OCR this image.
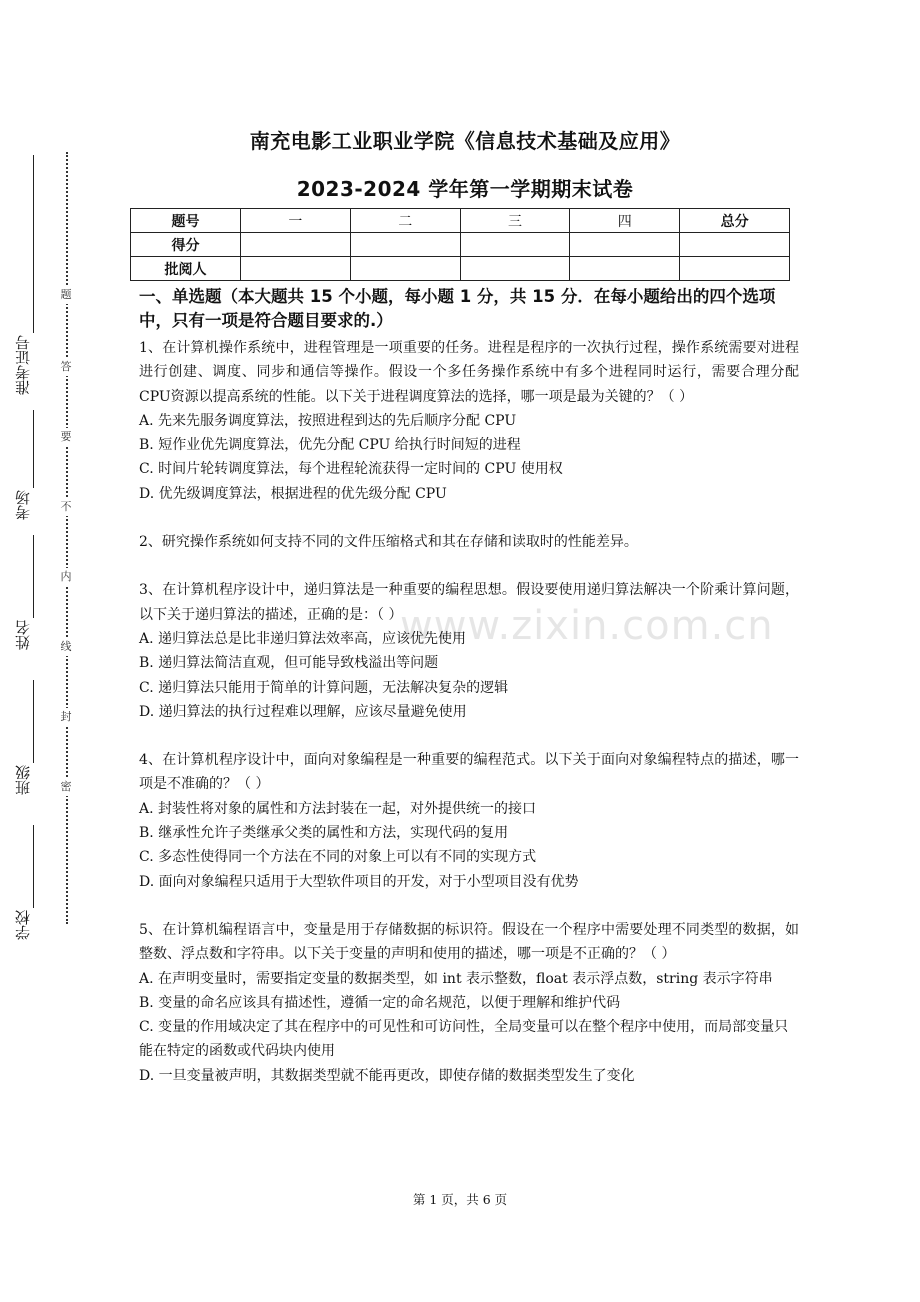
准考证号
考场
姓名
班级
学校
题
答
要
不
内
线
封
密
南充电影工业职业学院《信息技术基础及应用》
2023-2024 学年第一学期期末试卷
题号	一	二	三	四	总分
得分					
批阅人					
www.zixin.com.cn

一、单选题（本大题共 15 个小题，每小题 1 分，共 15 分．在每小题给出的四个选项中，只有一项是符合题目要求的.）

1、在计算机操作系统中，进程管理是一项重要的任务。进程是程序的一次执行过程，操作系统需要对进程进行创建、调度、同步和通信等操作。假设一个多任务操作系统中有多个进程同时运行，需要合理分配CPU资源以提高系统的性能。以下关于进程调度算法的选择，哪一项是最为关键的？（ ）

A. 先来先服务调度算法，按照进程到达的先后顺序分配 CPU

B. 短作业优先调度算法，优先分配 CPU 给执行时间短的进程

C. 时间片轮转调度算法，每个进程轮流获得一定时间的 CPU 使用权

D. 优先级调度算法，根据进程的优先级分配 CPU

2、研究操作系统如何支持不同的文件压缩格式和其在存储和读取时的性能差异。

3、在计算机程序设计中，递归算法是一种重要的编程思想。假设要使用递归算法解决一个阶乘计算问题，以下关于递归算法的描述，正确的是：（ ）

A. 递归算法总是比非递归算法效率高，应该优先使用

B. 递归算法简洁直观，但可能导致栈溢出等问题

C. 递归算法只能用于简单的计算问题，无法解决复杂的逻辑

D. 递归算法的执行过程难以理解，应该尽量避免使用

4、在计算机程序设计中，面向对象编程是一种重要的编程范式。以下关于面向对象编程特点的描述，哪一项是不准确的？（ ）

A. 封装性将对象的属性和方法封装在一起，对外提供统一的接口

B. 继承性允许子类继承父类的属性和方法，实现代码的复用

C. 多态性使得同一个方法在不同的对象上可以有不同的实现方式

D. 面向对象编程只适用于大型软件项目的开发，对于小型项目没有优势

5、在计算机编程语言中，变量是用于存储数据的标识符。假设在一个程序中需要处理不同类型的数据，如整数、浮点数和字符串。以下关于变量的声明和使用的描述，哪一项是不正确的？（ ）

A. 在声明变量时，需要指定变量的数据类型，如 int 表示整数，float 表示浮点数，string 表示字符串

B. 变量的命名应该具有描述性，遵循一定的命名规范，以便于理解和维护代码

C. 变量的作用域决定了其在程序中的可见性和可访问性，全局变量可以在整个程序中使用，而局部变量只能在特定的函数或代码块内使用

D. 一旦变量被声明，其数据类型就不能再更改，即使存储的数据类型发生了变化

第 1 页，共 6 页
